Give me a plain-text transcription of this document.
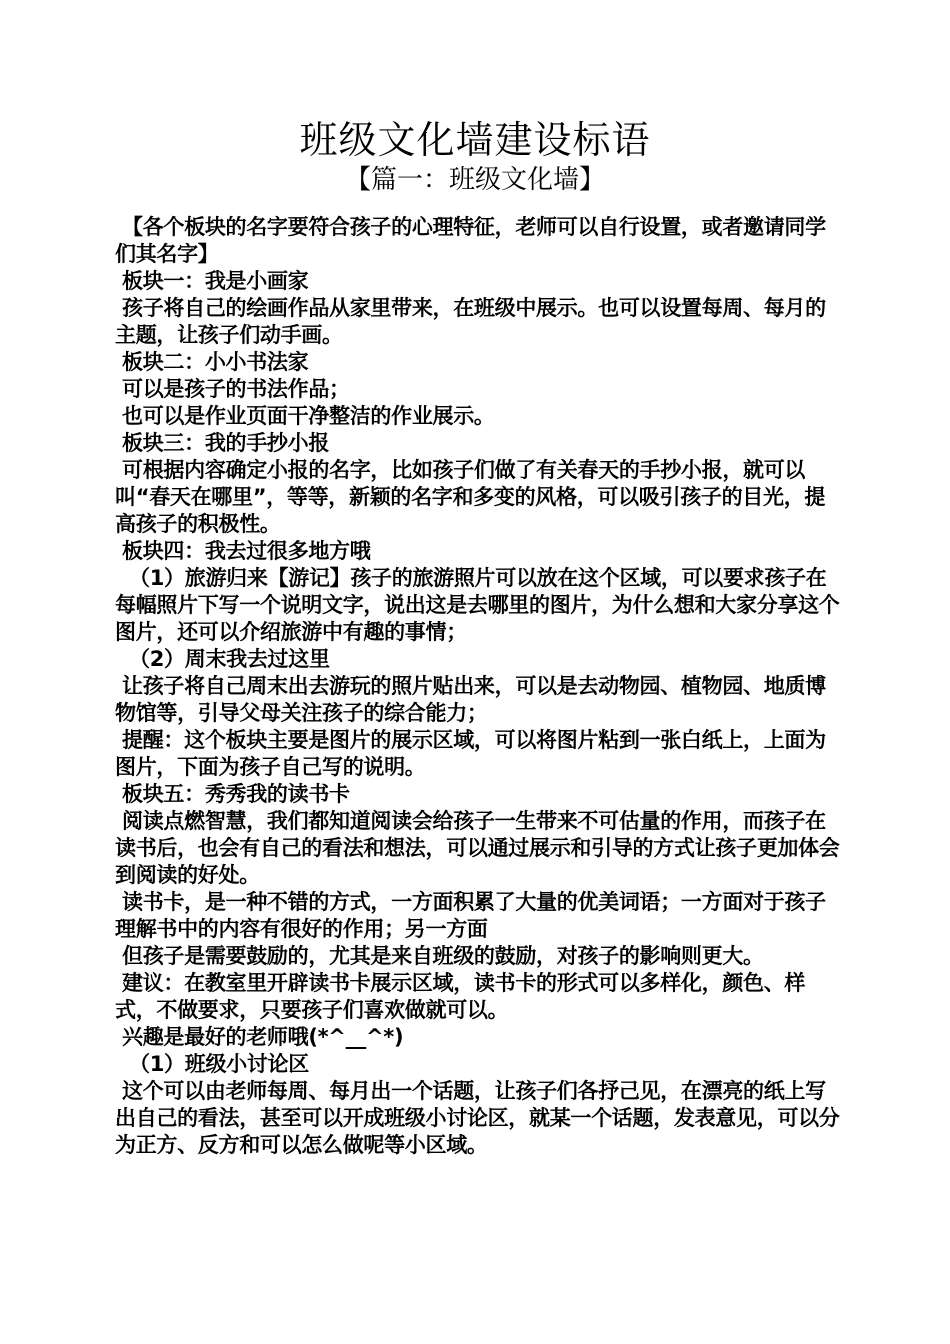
班级文化墙建设标语
【篇一：班级文化墙】

【各个板块的名字要符合孩子的心理特征，老师可以自行设置，或者邀请同学们其名字】

板块一：我是小画家

孩子将自己的绘画作品从家里带来，在班级中展示。也可以设置每周、每月的主题，让孩子们动手画。

板块二：小小书法家

可以是孩子的书法作品；

也可以是作业页面干净整洁的作业展示。

板块三：我的手抄小报

可根据内容确定小报的名字，比如孩子们做了有关春天的手抄小报，就可以叫“春天在哪里”，等等，新颖的名字和多变的风格，可以吸引孩子的目光，提高孩子的积极性。

板块四：我去过很多地方哦

（1）旅游归来【游记】孩子的旅游照片可以放在这个区域，可以要求孩子在每幅照片下写一个说明文字，说出这是去哪里的图片，为什么想和大家分享这个图片，还可以介绍旅游中有趣的事情；

（2）周末我去过这里

让孩子将自己周末出去游玩的照片贴出来，可以是去动物园、植物园、地质博物馆等，引导父母关注孩子的综合能力；

提醒：这个板块主要是图片的展示区域，可以将图片粘到一张白纸上，上面为图片，下面为孩子自己写的说明。

板块五：秀秀我的读书卡

阅读点燃智慧，我们都知道阅读会给孩子一生带来不可估量的作用，而孩子在读书后，也会有自己的看法和想法，可以通过展示和引导的方式让孩子更加体会到阅读的好处。

读书卡，是一种不错的方式，一方面积累了大量的优美词语；一方面对于孩子理解书中的内容有很好的作用；另一方面

但孩子是需要鼓励的，尤其是来自班级的鼓励，对孩子的影响则更大。

建议：在教室里开辟读书卡展示区域，读书卡的形式可以多样化，颜色、样式，不做要求，只要孩子们喜欢做就可以。

兴趣是最好的老师哦(*^__^*)

（1）班级小讨论区

这个可以由老师每周、每月出一个话题，让孩子们各抒己见，在漂亮的纸上写出自己的看法，甚至可以开成班级小讨论区，就某一个话题，发表意见，可以分为正方、反方和可以怎么做呢等小区域。
